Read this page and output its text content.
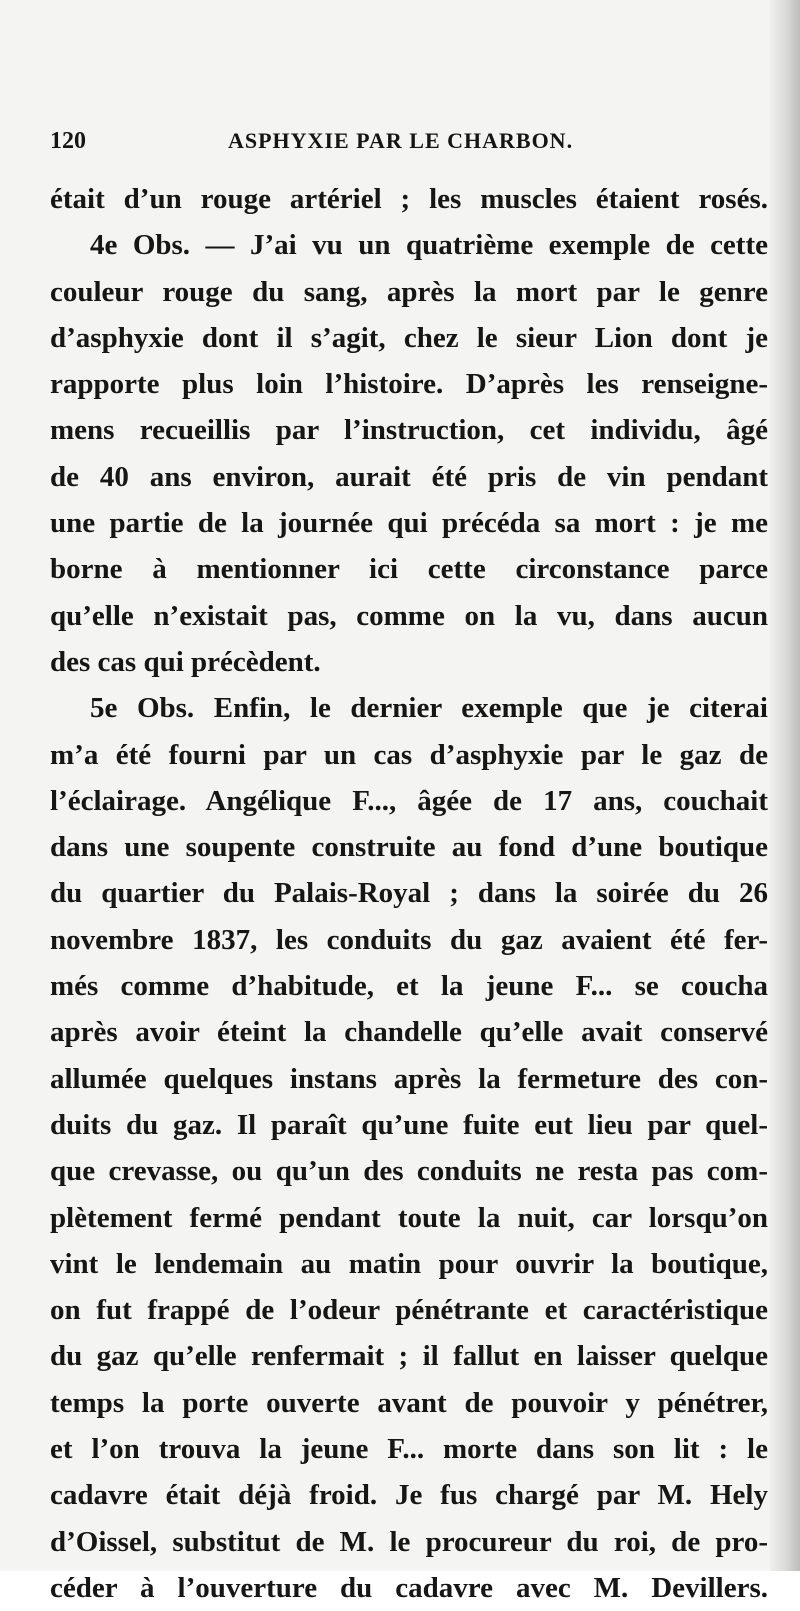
120	ASPHYXIE PAR LE CHARBON.
était d’un rouge artériel ; les muscles étaient rosés.
4e Obs. — J’ai vu un quatrième exemple de cette
couleur rouge du sang, après la mort par le genre
d’asphyxie dont il s’agit, chez le sieur Lion dont je
rapporte plus loin l’histoire. D’après les renseigne-
mens recueillis par l’instruction, cet individu, âgé
de 40 ans environ, aurait été pris de vin pendant
une partie de la journée qui précéda sa mort : je me
borne à mentionner ici cette circonstance parce
qu’elle n’existait pas, comme on la vu, dans aucun
des cas qui précèdent.
5e Obs. Enfin, le dernier exemple que je citerai
m’a été fourni par un cas d’asphyxie par le gaz de
l’éclairage. Angélique F..., âgée de 17 ans, couchait
dans une soupente construite au fond d’une boutique
du quartier du Palais-Royal ; dans la soirée du 26
novembre 1837, les conduits du gaz avaient été fer-
més comme d’habitude, et la jeune F... se coucha
après avoir éteint la chandelle qu’elle avait conservé
allumée quelques instans après la fermeture des con-
duits du gaz. Il paraît qu’une fuite eut lieu par quel-
que crevasse, ou qu’un des conduits ne resta pas com-
plètement fermé pendant toute la nuit, car lorsqu’on
vint le lendemain au matin pour ouvrir la boutique,
on fut frappé de l’odeur pénétrante et caractéristique
du gaz qu’elle renfermait ; il fallut en laisser quelque
temps la porte ouverte avant de pouvoir y pénétrer,
et l’on trouva la jeune F... morte dans son lit : le
cadavre était déjà froid. Je fus chargé par M. Hely
d’Oissel, substitut de M. le procureur du roi, de pro-
céder à l’ouverture du cadavre avec M. Devillers.
